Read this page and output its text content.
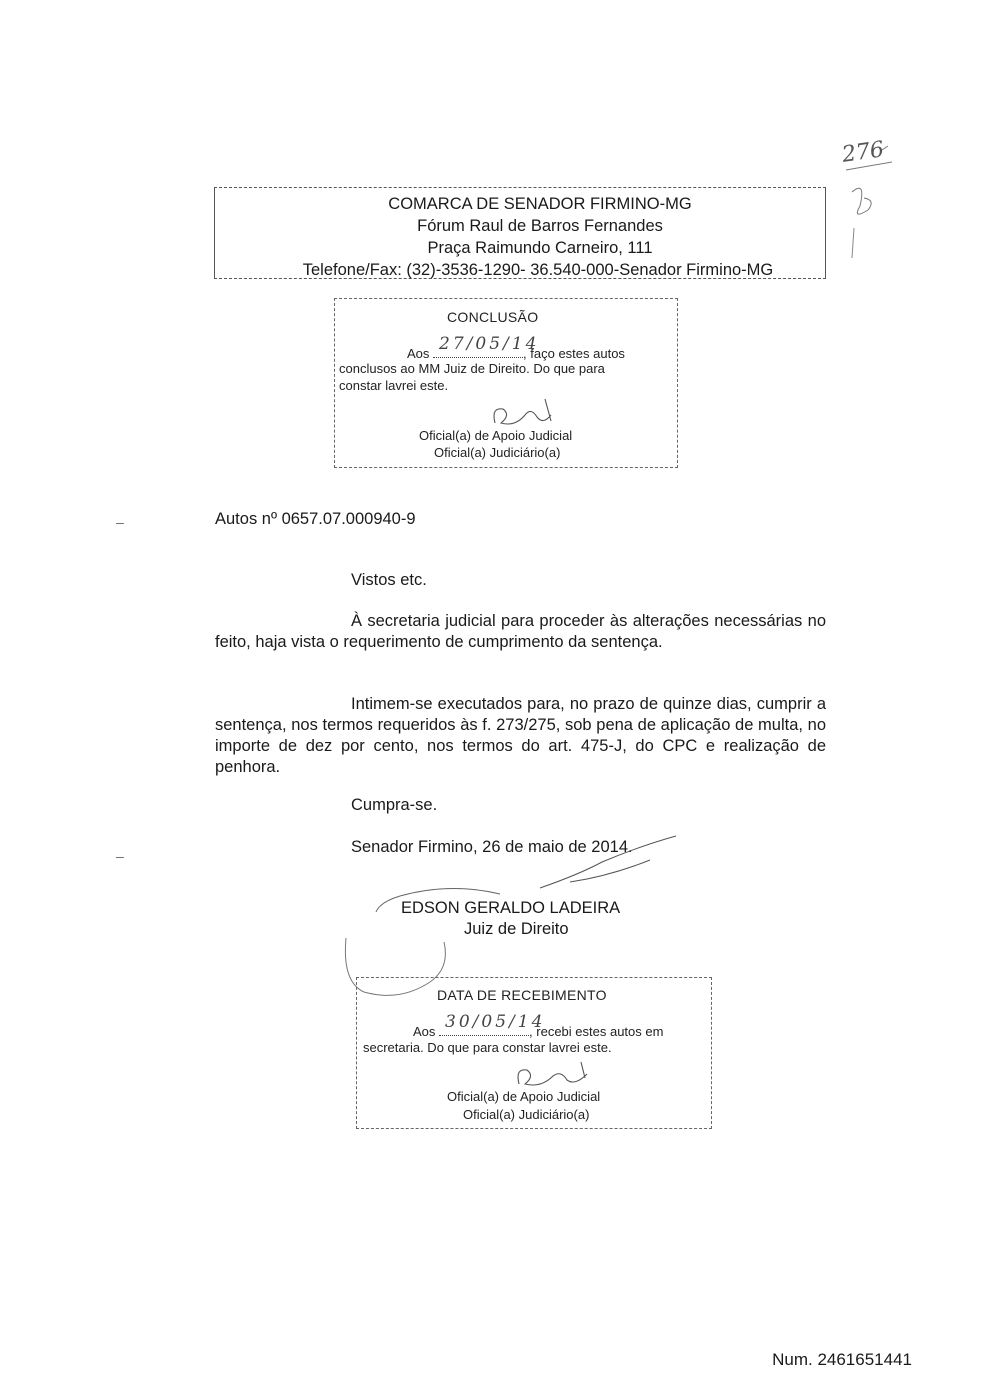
276
COMARCA DE SENADOR FIRMINO-MG
Fórum Raul de Barros Fernandes
Praça Raimundo Carneiro, 111
Telefone/Fax: (32)-3536-1290- 36.540-000-Senador Firmino-MG
CONCLUSÃO
Aos 27/05/14
, faço estes autos
conclusos ao MM Juiz de Direito. Do que para
constar lavrei este.
Oficial(a) de Apoio Judicial
Oficial(a) Judiciário(a)
–
–
Autos nº 0657.07.000940-9
Vistos etc.
À secretaria judicial para proceder às alterações necessárias no feito, haja vista o requerimento de cumprimento da sentença.
Intimem-se executados para, no prazo de quinze dias, cumprir a sentença, nos termos requeridos às f. 273/275, sob pena de aplicação de multa, no importe de dez por cento, nos termos do art. 475-J, do CPC e realização de penhora.
Cumpra-se.
Senador Firmino, 26 de maio de 2014.
EDSON GERALDO LADEIRA
Juiz de Direito
DATA DE RECEBIMENTO
Aos 30/05/14
, recebi estes autos em
secretaria. Do que para constar lavrei este.
Oficial(a) de Apoio Judicial
Oficial(a) Judiciário(a)
Num. 2461651441
